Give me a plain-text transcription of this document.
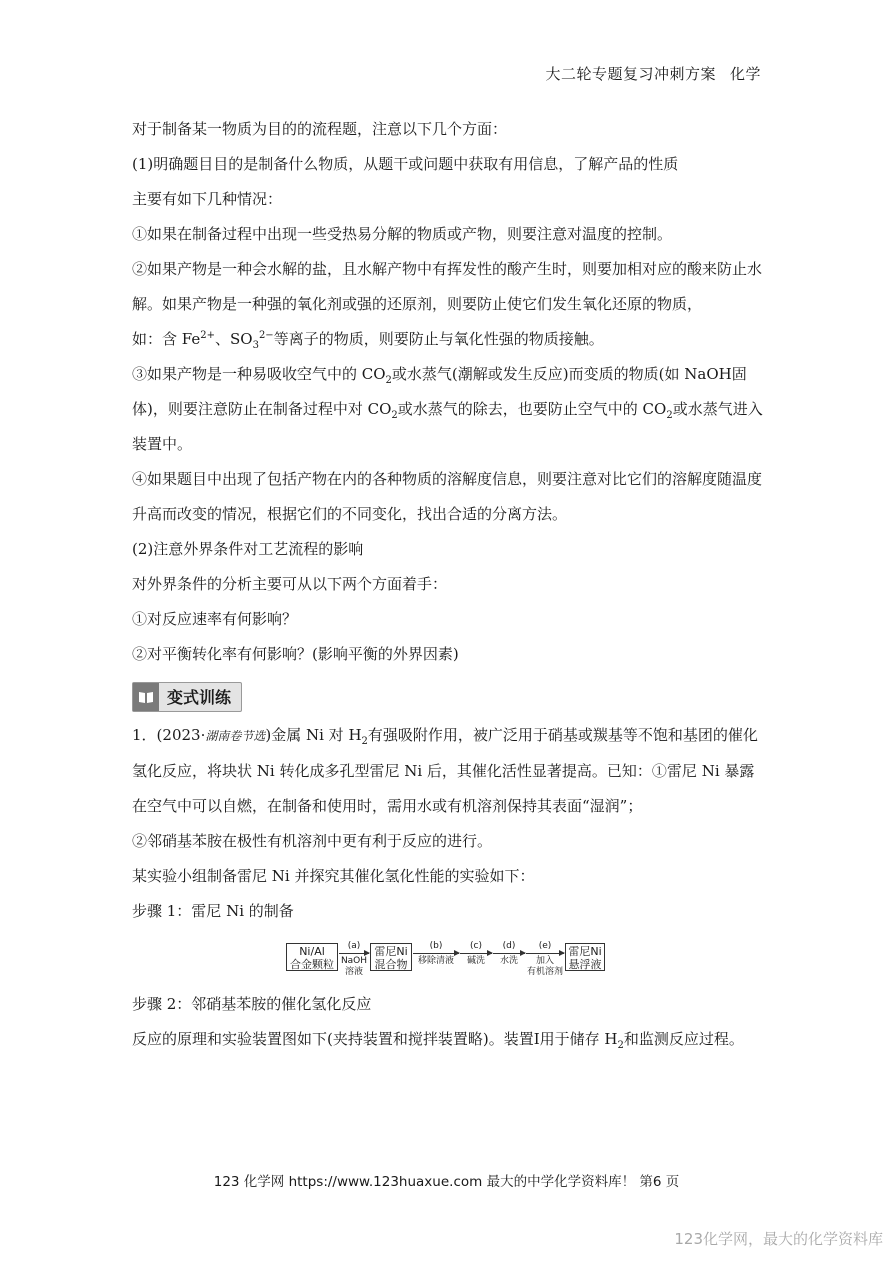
大二轮专题复习冲刺方案 化学

对于制备某一物质为目的的流程题，注意以下几个方面：

(1)明确题目目的是制备什么物质，从题干或问题中获取有用信息，了解产品的性质

主要有如下几种情况：

①如果在制备过程中出现一些受热易分解的物质或产物，则要注意对温度的控制。

②如果产物是一种会水解的盐，且水解产物中有挥发性的酸产生时，则要加相对应的酸来防止水解。如果产物是一种强的氧化剂或强的还原剂，则要防止使它们发生氧化还原的物质，

如：含 $Fe^{2+}$、$SO_3^{2-}$等离子的物质，则要防止与氧化性强的物质接触。

③如果产物是一种易吸收空气中的 $CO_2$或水蒸气(潮解或发生反应)而变质的物质(如 NaOH固体)，则要注意防止在制备过程中对 $CO_2$或水蒸气的除去，也要防止空气中的 $CO_2$或水蒸气进入装置中。

④如果题目中出现了包括产物在内的各种物质的溶解度信息，则要注意对比它们的溶解度随温度升高而改变的情况，根据它们的不同变化，找出合适的分离方法。

(2)注意外界条件对工艺流程的影响

对外界条件的分析主要可从以下两个方面着手：

①对反应速率有何影响？

②对平衡转化率有何影响？(影响平衡的外界因素)

变式训练

1．(2023·湖南卷节选)金属 Ni 对 $H_2$有强吸附作用，被广泛用于硝基或羰基等不饱和基团的催化氢化反应，将块状 Ni 转化成多孔型雷尼 Ni 后，其催化活性显著提高。已知：①雷尼 Ni 暴露在空气中可以自燃，在制备和使用时，需用水或有机溶剂保持其表面“湿润”；

②邻硝基苯胺在极性有机溶剂中更有利于反应的进行。

某实验小组制备雷尼 Ni 并探究其催化氢化性能的实验如下：

步骤 1：雷尼 Ni 的制备

步骤 2：邻硝基苯胺的催化氢化反应

反应的原理和实验装置图如下(夹持装置和搅拌装置略)。装置Ⅰ用于储存 $H_2$和监测反应过程。

Ni/Al
合金颗粒
(a)
NaOH
溶液
雷尼Ni
混合物
(b)
移除清液
(c)
碱洗
(d)
水洗
(e)
加入
有机溶剂
雷尼Ni
悬浮液
123 化学网 https://www.123huaxue.com 最大的中学化学资料库！ 第6 页
123化学网，最大的化学资料库
